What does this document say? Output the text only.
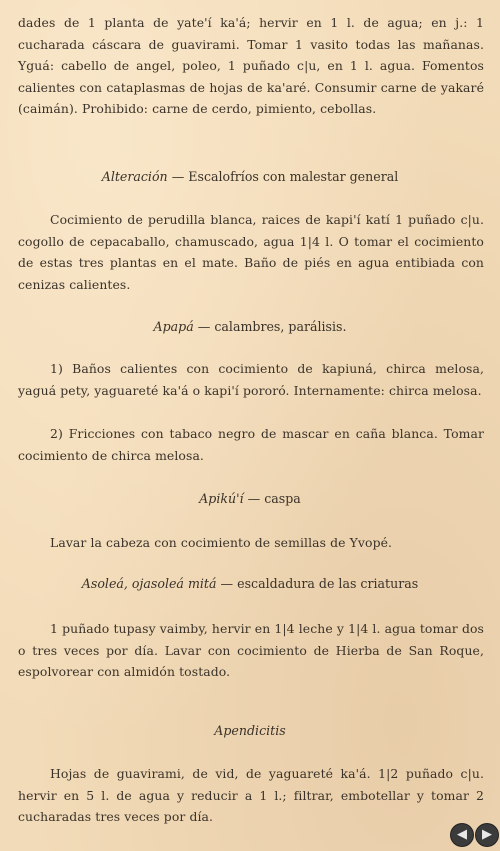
dades de 1 planta de yate'í ka'á; hervir en 1 l. de agua; en j.: 1 cucharada cáscara de guavirami. Tomar 1 vasito todas las mañanas. Yguá: cabello de angel, poleo, 1 puñado c|u, en 1 l. agua. Fomentos calientes con cataplasmas de hojas de ka'aré. Consumir carne de yakaré (caimán). Prohibido: carne de cerdo, pimiento, cebollas.
Alteración — Escalofríos con malestar general
Cocimiento de perudilla blanca, raices de kapi'í katí 1 puñado c|u. cogollo de cepacaballo, chamuscado, agua 1|4 l. O tomar el cocimiento de estas tres plantas en el mate. Baño de piés en agua entibiada con cenizas calientes.
Apapá — calambres, parálisis.
1) Baños calientes con cocimiento de kapiuná, chirca melosa, yaguá pety, yaguareté ka'á o kapi'í pororó. Internamente: chirca melosa.
2) Fricciones con tabaco negro de mascar en caña blanca. Tomar cocimiento de chirca melosa.
Apikú'í — caspa
Lavar la cabeza con cocimiento de semillas de Yvopé.
Asoleá, ojasoleá mitá — escaldadura de las criaturas
1 puñado tupasy vaimby, hervir en 1|4 leche y 1|4 l. agua tomar dos o tres veces por día. Lavar con cocimiento de Hierba de San Roque, espolvorear con almidón tostado.
Apendicitis
Hojas de guavirami, de vid, de yaguareté ka'á. 1|2 puñado c|u. hervir en 5 l. de agua y reducir a 1 l.; filtrar, embotellar y tomar 2 cucharadas tres veces por día.
◀	▶
